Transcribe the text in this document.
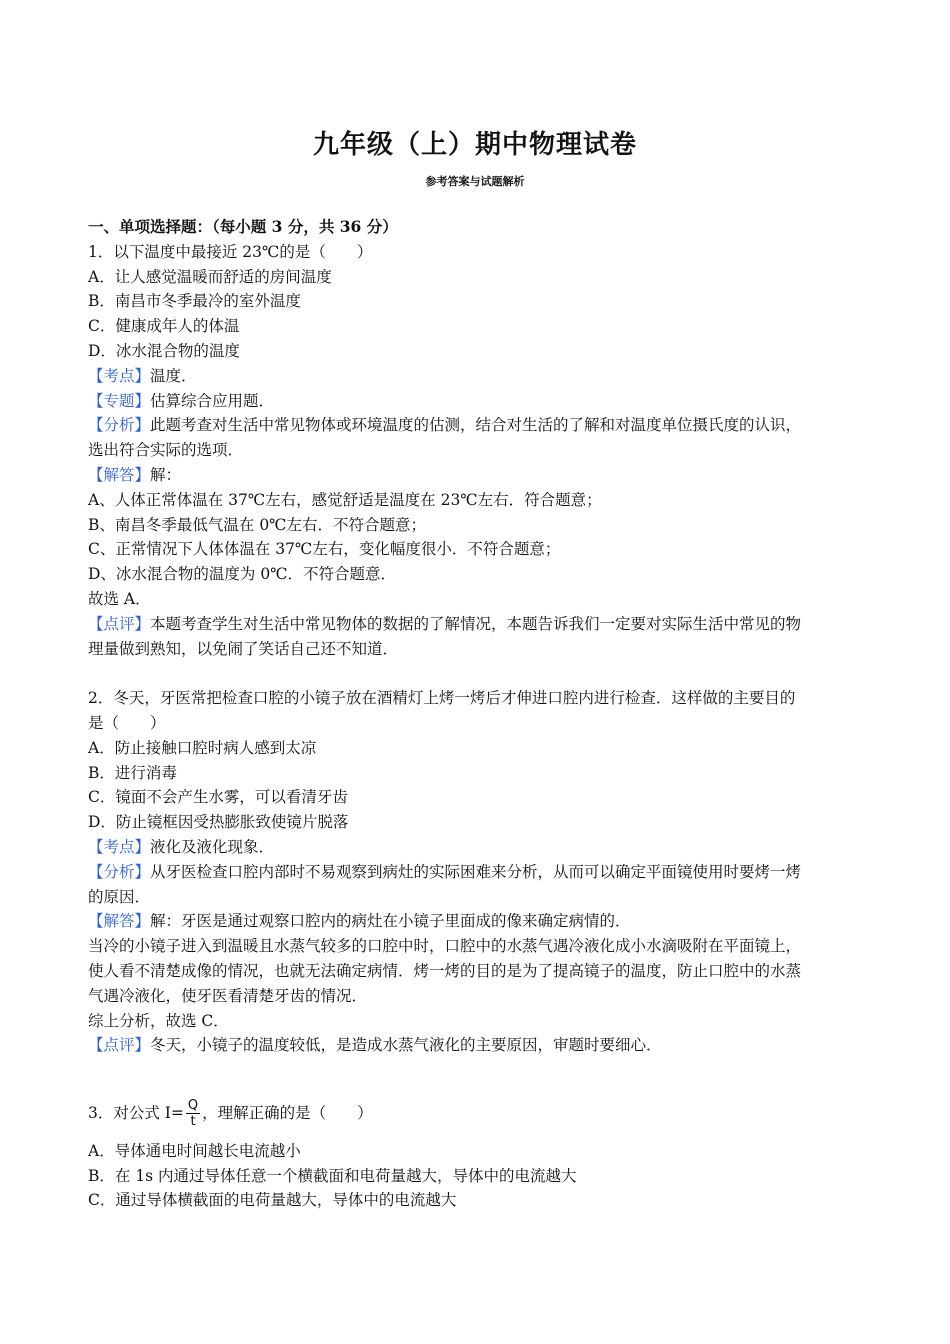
九年级（上）期中物理试卷
参考答案与试题解析
一、单项选择题：（每小题 3 分，共 36 分）
1．以下温度中最接近 23℃的是（　　）
A．让人感觉温暖而舒适的房间温度
B．南昌市冬季最冷的室外温度
C．健康成年人的体温
D．冰水混合物的温度
【考点】温度．
【专题】估算综合应用题．
【分析】此题考查对生活中常见物体或环境温度的估测，结合对生活的了解和对温度单位摄氏度的认识，
选出符合实际的选项．
【解答】解：
A、人体正常体温在 37℃左右，感觉舒适是温度在 23℃左右．符合题意；
B、南昌冬季最低气温在 0℃左右．不符合题意；
C、正常情况下人体体温在 37℃左右，变化幅度很小．不符合题意；
D、冰水混合物的温度为 0℃．不符合题意．
故选 A．
【点评】本题考查学生对生活中常见物体的数据的了解情况，本题告诉我们一定要对实际生活中常见的物
理量做到熟知，以免闹了笑话自己还不知道．
2．冬天，牙医常把检查口腔的小镜子放在酒精灯上烤一烤后才伸进口腔内进行检查．这样做的主要目的
是（　　）
A．防止接触口腔时病人感到太凉
B．进行消毒
C．镜面不会产生水雾，可以看清牙齿
D．防止镜框因受热膨胀致使镜片脱落
【考点】液化及液化现象．
【分析】从牙医检查口腔内部时不易观察到病灶的实际困难来分析，从而可以确定平面镜使用时要烤一烤
的原因．
【解答】解：牙医是通过观察口腔内的病灶在小镜子里面成的像来确定病情的．
当冷的小镜子进入到温暖且水蒸气较多的口腔中时，口腔中的水蒸气遇冷液化成小水滴吸附在平面镜上，
使人看不清楚成像的情况，也就无法确定病情．烤一烤的目的是为了提高镜子的温度，防止口腔中的水蒸
气遇冷液化，使牙医看清楚牙齿的情况．
综上分析，故选 C．
【点评】冬天，小镜子的温度较低，是造成水蒸气液化的主要原因，审题时要细心．
3．对公式 $I= \frac{Q}{t}$ ，理解正确的是（　　）
A．导体通电时间越长电流越小
B．在 1s 内通过导体任意一个横截面和电荷量越大，导体中的电流越大
C．通过导体横截面的电荷量越大，导体中的电流越大
